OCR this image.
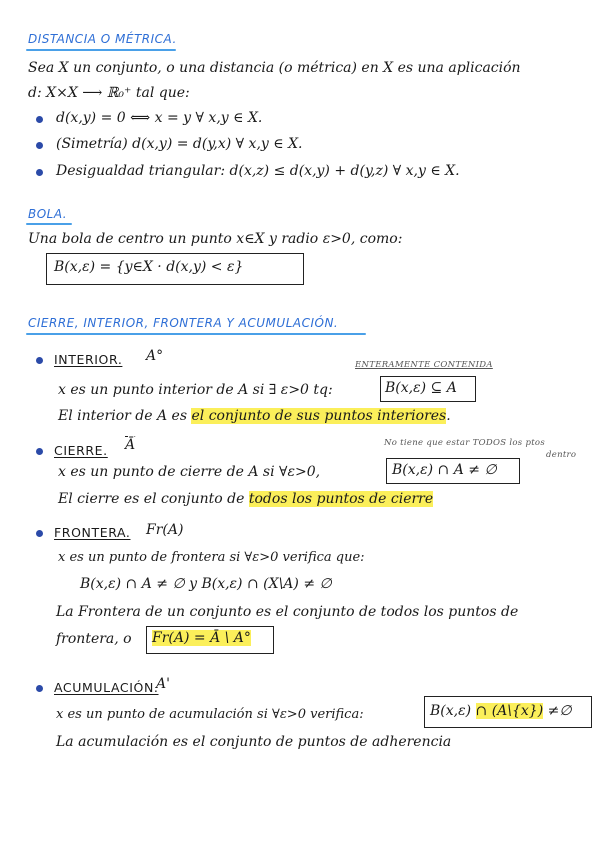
DISTANCIA O MÉTRICA.
Sea X un conjunto, o una distancia (o métrica) en X es una aplicación
d: X×X ⟶ ℝ₀⁺ tal que:
d(x,y) = 0 ⟺ x = y ∀ x,y ∈ X.
(Simetría) d(x,y) = d(y,x) ∀ x,y ∈ X.
Desigualdad triangular: d(x,z) ≤ d(x,y) + d(y,z) ∀ x,y ∈ X.
BOLA.
Una bola de centro un punto x∈X y radio ε>0, como:
B(x,ε) = {y∈X · d(x,y) < ε}
CIERRE, INTERIOR, FRONTERA Y ACUMULACIÓN.
INTERIOR. A°
ENTERAMENTE CONTENIDA
x es un punto interior de A si ∃ ε>0 tq:	B(x,ε) ⊆ A
El interior de A es el conjunto de sus puntos interiores.
CIERRE. $\overline{Ā}$	No tiene que estar TODOS los ptos
dentro
x es un punto de cierre de A si ∀ε>0,	B(x,ε) ∩ A ≠ ∅
El cierre es el conjunto de todos los puntos de cierre
FRONTERA. Fr(A)
x es un punto de frontera si ∀ε>0 verifica que:
B(x,ε) ∩ A ≠ ∅ y B(x,ε) ∩ (X\A) ≠ ∅
La Frontera de un conjunto es el conjunto de todos los puntos de
frontera, o Fr(A) = Ā \ A°
ACUMULACIÓN.
A'
x es un punto de acumulación si ∀ε>0 verifica:	B(x,ε) ∩ (A\{x}) ≠∅
La acumulación es el conjunto de puntos de adherencia
